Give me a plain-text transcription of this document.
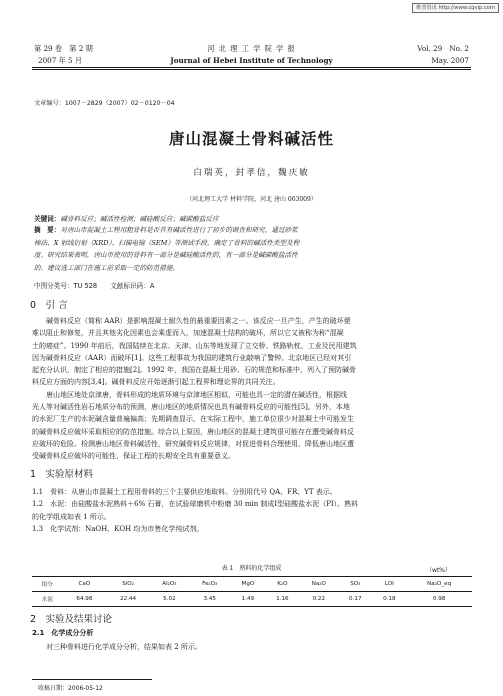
维普资讯 http://www.cqvip.com
第 29 卷　第 2 期
2007 年 5 月
河 北 理 工 学 院 学 报
Journal of Hebei Institute of Technology
Vol. 29　No. 2
May. 2007
文章编号：1007－2829（2007）02－0120－04
唐山混凝土骨料碱活性
白瑞英，封孝信，魏庆敏
（河北理工大学 材料学院，河北 唐山 063009）
关键词：碱骨料反应；碱活性检测；碱硅酸反应；碱碳酸盐反应
摘　要：对唐山市混凝土工程用粗骨料是否具有碱活性进行了初步的调查和研究。通过砂浆
棒法、X 射线衍射（XRD）、扫描电镜（SEM）等测试手段，确定了骨料的碱活性类型及程
度。研究结果表明，唐山市使用的骨料有一部分是碱硅酸活性的，有一部分是碱碳酸盐活性
的。建议选工部门在施工前采取一定的防范措施。
中图分类号：TU 528　　文献标识码：A
0　引 言
碱骨料反应（简称 AAR）是影响混凝土耐久性的最重要因素之一。该反应一旦产生，产生的破坏便
难以阻止和修复，并且其他劣化因素也会乘虚而入，加速混凝土结构的破坏，所以它又被称为称“混凝
土的癌症”。1990 年前后，我国陆续在北京、天津、山东等地发现了立交桥、铁路轨枕、工业及民用建筑
因为碱骨料反应（AAR）而破坏[1]。这些工程事故为我国的建筑行业敲响了警钟。北京地区已经对其引
起充分认识，制定了相应的措施[2]。1992 年，我国在混凝土用砂、石的规范和标准中，列入了预防碱骨
料反应方面的内容[3,4]。碱骨料反应开始逐渐引起工程界和理论界的共同关注。
唐山地区地处京津唐，骨料形成的地质环境与京津地区相似，可能也具一定的潜在碱活性，根据线
光人等对碱活性岩石地质分布的预测，唐山地区的地质情况也具有碱骨料反应的可能性[5]。另外，本地
的水泥厂生产的水泥碱含量普遍偏高；先期调查显示，在实际工程中，施工单位很少对混凝土中可能发生
的碱骨料反应破坏采取相应的防范措施。综合以上原因，唐山地区的混凝土建筑很可能存在遭受碱骨料反
应破坏的危险。检测唐山地区骨料碱活性，研究碱骨料反应规律，对促进骨料合理使用、降低唐山地区遭
受碱骨料反应破坏的可能性、保证工程的长期安全具有重要意义。
1　实验原材料
1.1　骨料：从唐山市混凝土工程用骨料的三个主要供应地取料。分别用代号 QA、FR、YT 表示。
1.2　水泥：由硅酸盐水泥熟料＋6% 石膏，在试验球磨机中粉磨 30 min 制成Ⅰ型硅酸盐水泥（PⅠ）。熟料
的化学组成如表 1 所示。
1.3　化学试剂：NaOH、KOH 均为市售化学纯试剂。
表 1　熟料的化学组成	（wt%）
组分	CaO	SiO₂	Al₂O₃	Fe₂O₃	MgO	K₂O	Na₂O	SO₃	LOI	Na₂O_eq
水泥	64.98	22.44	5.02	3.45	1.49	1.16	0.22	0.17	0.18	0.98
2　实验及结果讨论
2.1　化学成分分析
对三种骨料进行化学成分分析，结果如表 2 所示。
收稿日期：2006-05-12
